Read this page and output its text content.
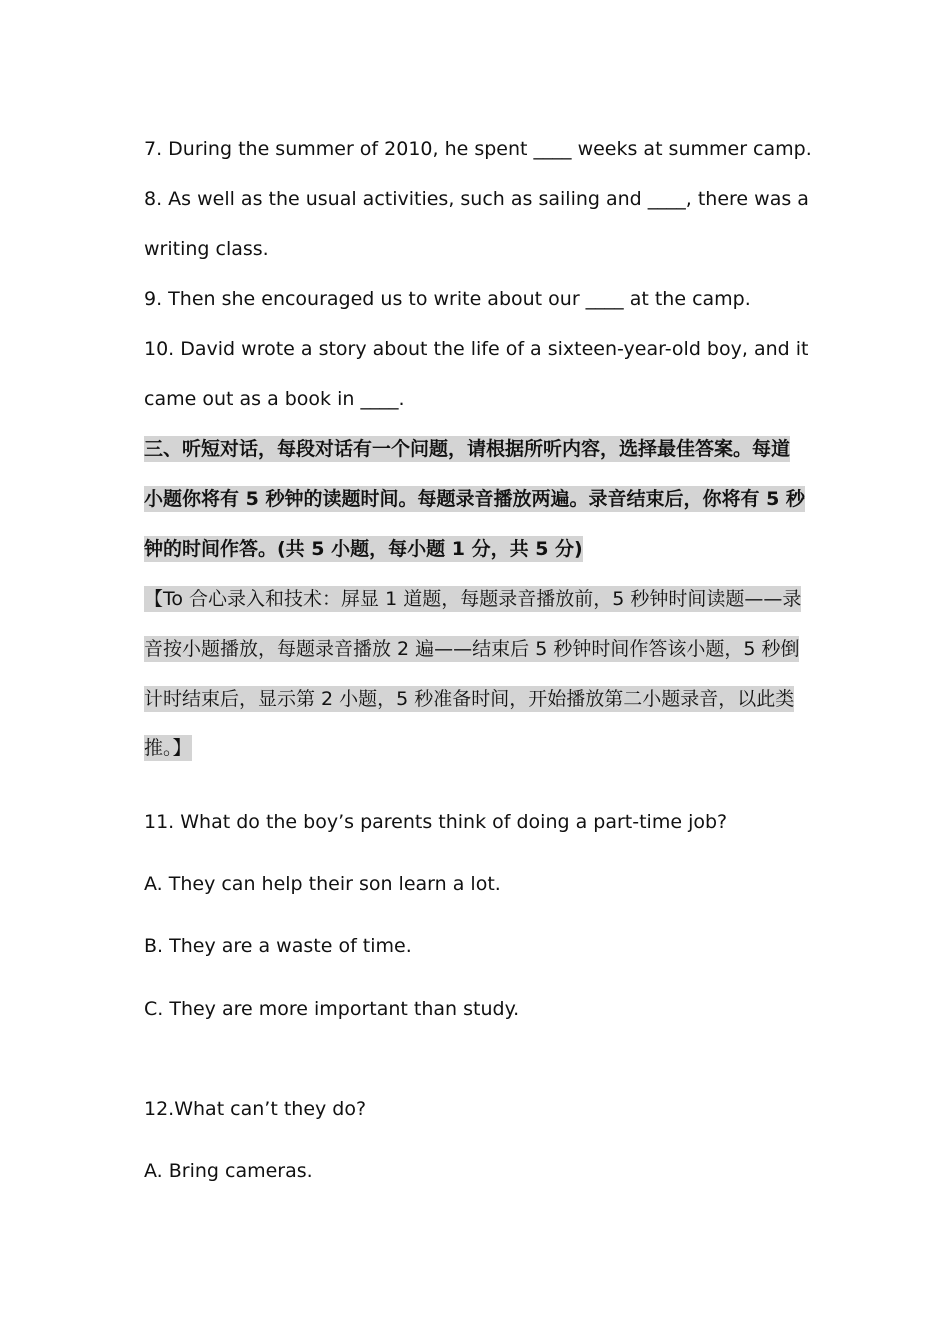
7. During the summer of 2010, he spent ____ weeks at summer camp.
8. As well as the usual activities, such as sailing and ____, there was a
writing class.
9. Then she encouraged us to write about our ____ at the camp.
10. David wrote a story about the life of a sixteen-year-old boy, and it
came out as a book in ____.
三、听短对话，每段对话有一个问题，请根据所听内容，选择最佳答案。每道
小题你将有 5 秒钟的读题时间。每题录音播放两遍。录音结束后，你将有 5 秒
钟的时间作答。(共 5 小题，每小题 1 分，共 5 分)
【To 合心录入和技术：屏显 1 道题，每题录音播放前，5 秒钟时间读题——录
音按小题播放，每题录音播放 2 遍——结束后 5 秒钟时间作答该小题，5 秒倒
计时结束后，显示第 2 小题，5 秒准备时间，开始播放第二小题录音，以此类
推。】
11. What do the boy’s parents think of doing a part-time job?
A. They can help their son learn a lot.
B. They are a waste of time.
C. They are more important than study.
12.What can’t they do?
A. Bring cameras.
